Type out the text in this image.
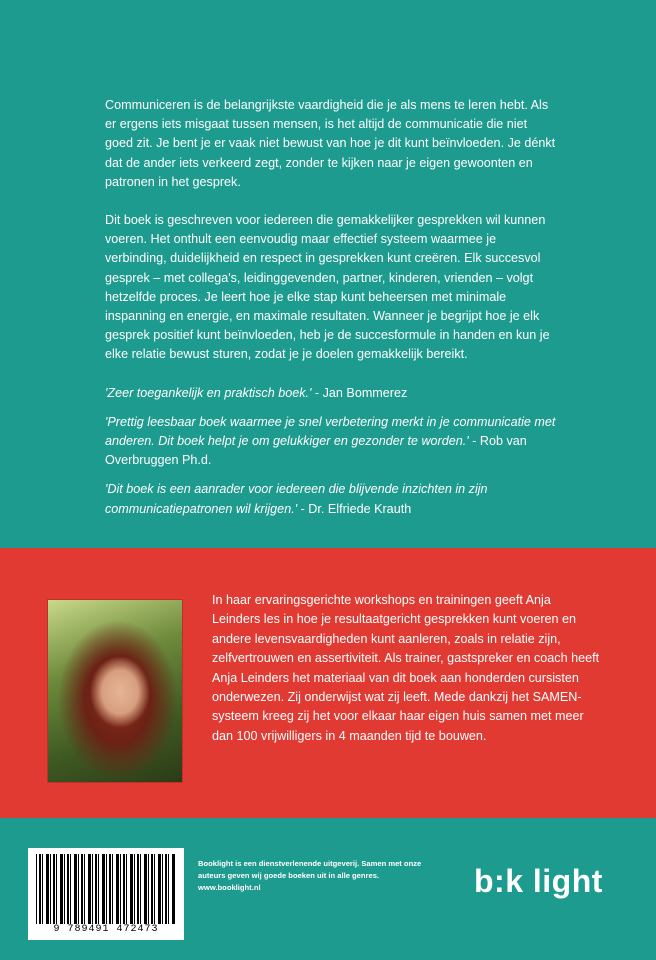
Communiceren is de belangrijkste vaardigheid die je als mens te leren hebt. Als er ergens iets misgaat tussen mensen, is het altijd de communicatie die niet goed zit. Je bent je er vaak niet bewust van hoe je dit kunt beïnvloeden. Je dénkt dat de ander iets verkeerd zegt, zonder te kijken naar je eigen gewoonten en patronen in het gesprek.

Dit boek is geschreven voor iedereen die gemakkelijker gesprekken wil kunnen voeren. Het onthult een eenvoudig maar effectief systeem waarmee je verbinding, duidelijkheid en respect in gesprekken kunt creëren. Elk succesvol gesprek – met collega's, leidinggevenden, partner, kinderen, vrienden – volgt hetzelfde proces. Je leert hoe je elke stap kunt beheersen met minimale inspanning en energie, en maximale resultaten. Wanneer je begrijpt hoe je elk gesprek positief kunt beïnvloeden, heb je de succesformule in handen en kun je elke relatie bewust sturen, zodat je je doelen gemakkelijk bereikt.

'Zeer toegankelijk en praktisch boek.' - Jan Bommerez

'Prettig leesbaar boek waarmee je snel verbetering merkt in je communicatie met anderen. Dit boek helpt je om gelukkiger en gezonder te worden.' - Rob van Overbruggen Ph.d.

'Dit boek is een aanrader voor iedereen die blijvende inzichten in zijn communicatiepatronen wil krijgen.' - Dr. Elfriede Krauth

In haar ervaringsgerichte workshops en trainingen geeft Anja Leinders les in hoe je resultaatgericht gesprekken kunt voeren en andere levensvaardigheden kunt aanleren, zoals in relatie zijn, zelfvertrouwen en assertiviteit. Als trainer, gastspreker en coach heeft Anja Leinders het materiaal van dit boek aan honderden cursisten onderwezen. Zij onderwijst wat zij leeft. Mede dankzij het SAMEN-systeem kreeg zij het voor elkaar haar eigen huis samen met meer dan 100 vrijwilligers in 4 maanden tijd te bouwen.
9 789491 472473
Booklight is een dienstverlenende uitgeverij. Samen met onze auteurs geven wij goede boeken uit in alle genres. www.booklight.nl	b:k light
